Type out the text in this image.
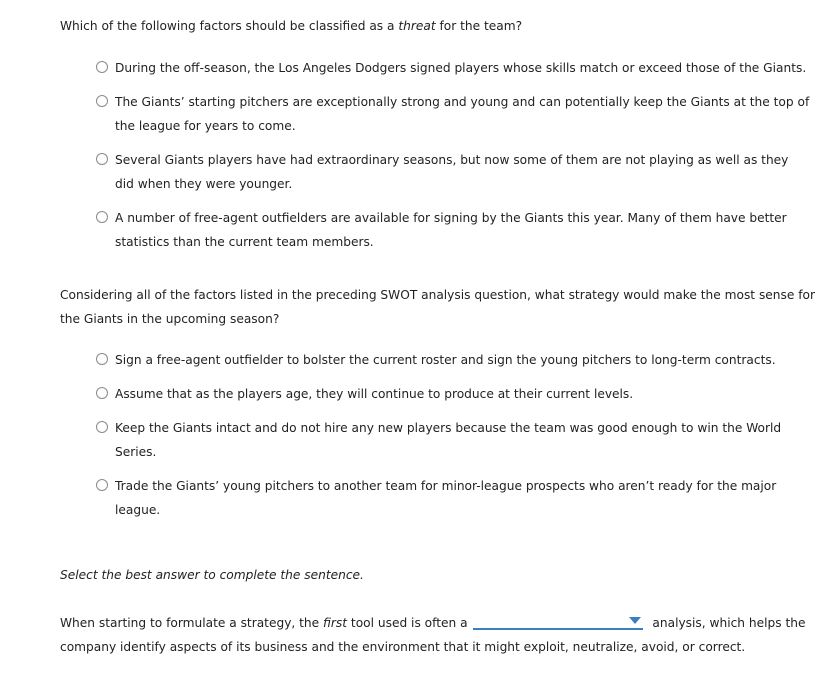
Which of the following factors should be classified as a threat for the team?
During the off-season, the Los Angeles Dodgers signed players whose skills match or exceed those of the Giants.
The Giants’ starting pitchers are exceptionally strong and young and can potentially keep the Giants at the top of the league for years to come.
Several Giants players have had extraordinary seasons, but now some of them are not playing as well as they did when they were younger.
A number of free-agent outfielders are available for signing by the Giants this year. Many of them have better statistics than the current team members.
Considering all of the factors listed in the preceding SWOT analysis question, what strategy would make the most sense for the Giants in the upcoming season?
Sign a free-agent outfielder to bolster the current roster and sign the young pitchers to long-term contracts.
Assume that as the players age, they will continue to produce at their current levels.
Keep the Giants intact and do not hire any new players because the team was good enough to win the World Series.
Trade the Giants’ young pitchers to another team for minor-league prospects who aren’t ready for the major league.
Select the best answer to complete the sentence.
When starting to formulate a strategy, the first tool used is often a	analysis, which helps the company identify aspects of its business and the environment that it might exploit, neutralize, avoid, or correct.
